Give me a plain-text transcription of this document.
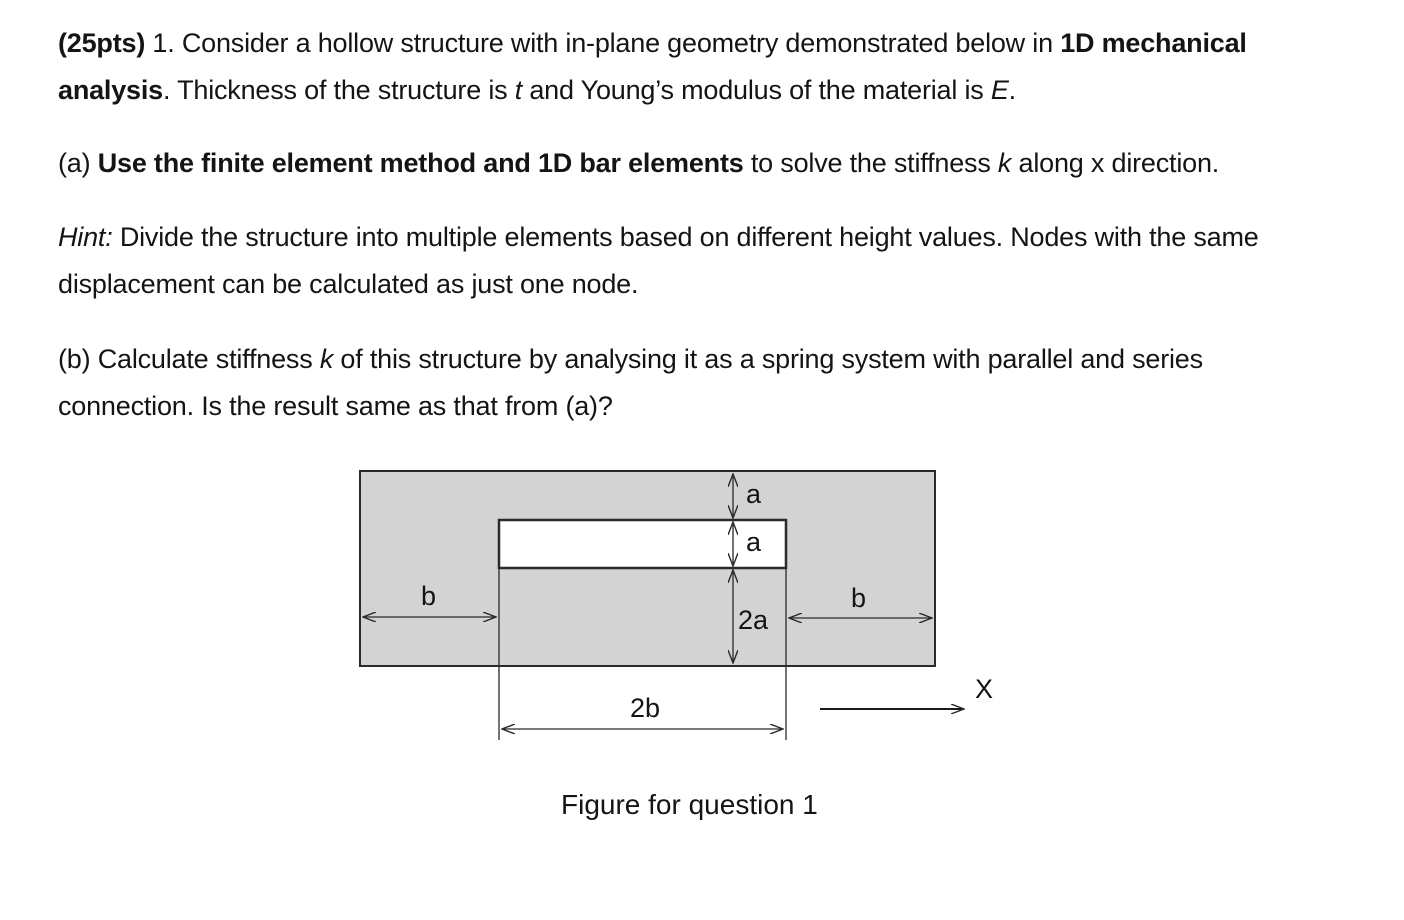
(25pts) 1. Consider a hollow structure with in-plane geometry demonstrated below in 1D mechanical analysis. Thickness of the structure is t and Young’s modulus of the material is E.
(a) Use the finite element method and 1D bar elements to solve the stiffness k along x direction.
Hint: Divide the structure into multiple elements based on different height values. Nodes with the same displacement can be calculated as just one node.
(b) Calculate stiffness k of this structure by analysing it as a spring system with parallel and series connection. Is the result same as that from (a)?
a
a
2a
b	b
2b
X
Figure for question 1
